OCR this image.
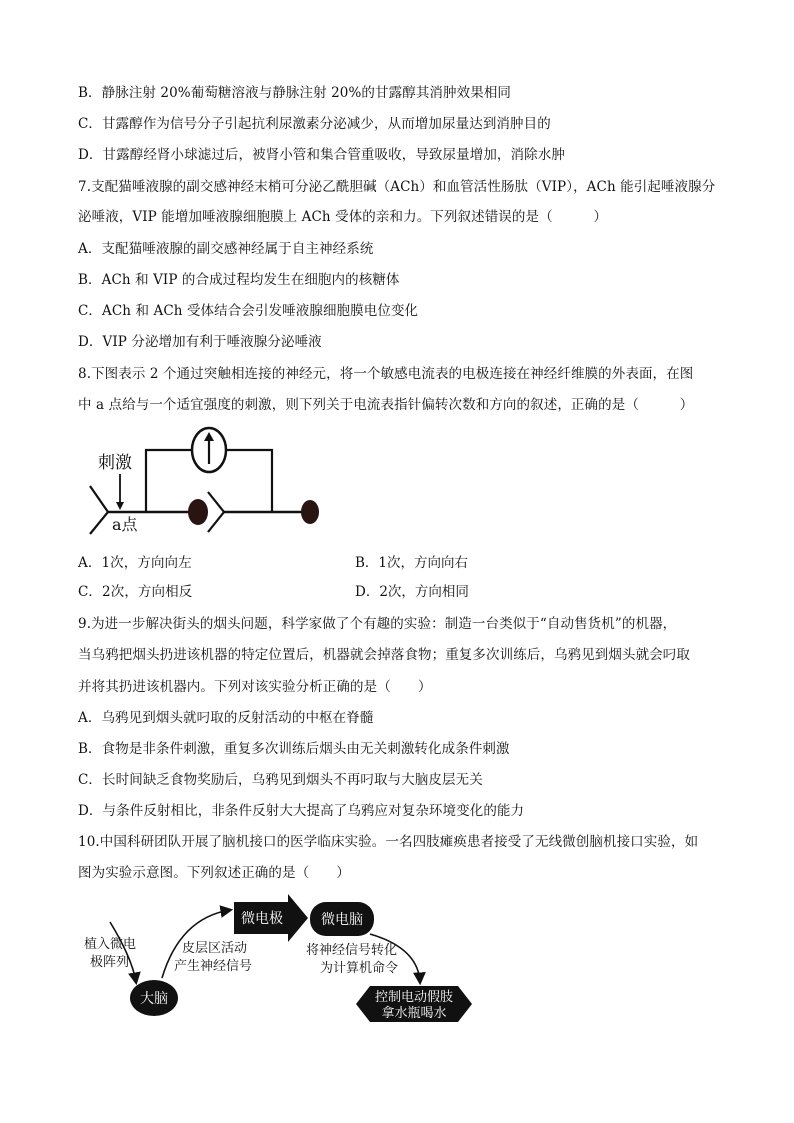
B．静脉注射 20%葡萄糖溶液与静脉注射 20%的甘露醇其消肿效果相同
C．甘露醇作为信号分子引起抗利尿激素分泌减少，从而增加尿量达到消肿目的
D．甘露醇经肾小球滤过后，被肾小管和集合管重吸收，导致尿量增加，消除水肿
7.支配猫唾液腺的副交感神经末梢可分泌乙酰胆碱（ACh）和血管活性肠肽（VIP），ACh 能引起唾液腺分
泌唾液，VIP 能增加唾液腺细胞膜上 ACh 受体的亲和力。下列叙述错误的是（　　　）
A．支配猫唾液腺的副交感神经属于自主神经系统
B．ACh 和 VIP 的合成过程均发生在细胞内的核糖体
C．ACh 和 ACh 受体结合会引发唾液腺细胞膜电位变化
D．VIP 分泌增加有利于唾液腺分泌唾液
8.下图表示 2 个通过突触相连接的神经元，将一个敏感电流表的电极连接在神经纤维膜的外表面，在图
中 a 点给与一个适宜强度的刺激，则下列关于电流表指针偏转次数和方向的叙述，正确的是（　　　）
刺激
a点
A．1次，方向向左	B．1次，方向向右
C．2次，方向相反	D．2次，方向相同
9.为进一步解决街头的烟头问题，科学家做了个有趣的实验：制造一台类似于“自动售货机”的机器，
当乌鸦把烟头扔进该机器的特定位置后，机器就会掉落食物；重复多次训练后，乌鸦见到烟头就会叼取
并将其扔进该机器内。下列对该实验分析正确的是（　　）
A．乌鸦见到烟头就叼取的反射活动的中枢在脊髓
B．食物是非条件刺激，重复多次训练后烟头由无关刺激转化成条件刺激
C．长时间缺乏食物奖励后，乌鸦见到烟头不再叼取与大脑皮层无关
D．与条件反射相比，非条件反射大大提高了乌鸦应对复杂环境变化的能力
10.中国科研团队开展了脑机接口的医学临床实验。一名四肢瘫痪患者接受了无线微创脑机接口实验，如
图为实验示意图。下列叙述正确的是（　　）
植入微电
极阵列
大脑
皮层区活动
产生神经信号
微电极	微电脑
将神经信号转化
为计算机命令
控制电动假肢
拿水瓶喝水
